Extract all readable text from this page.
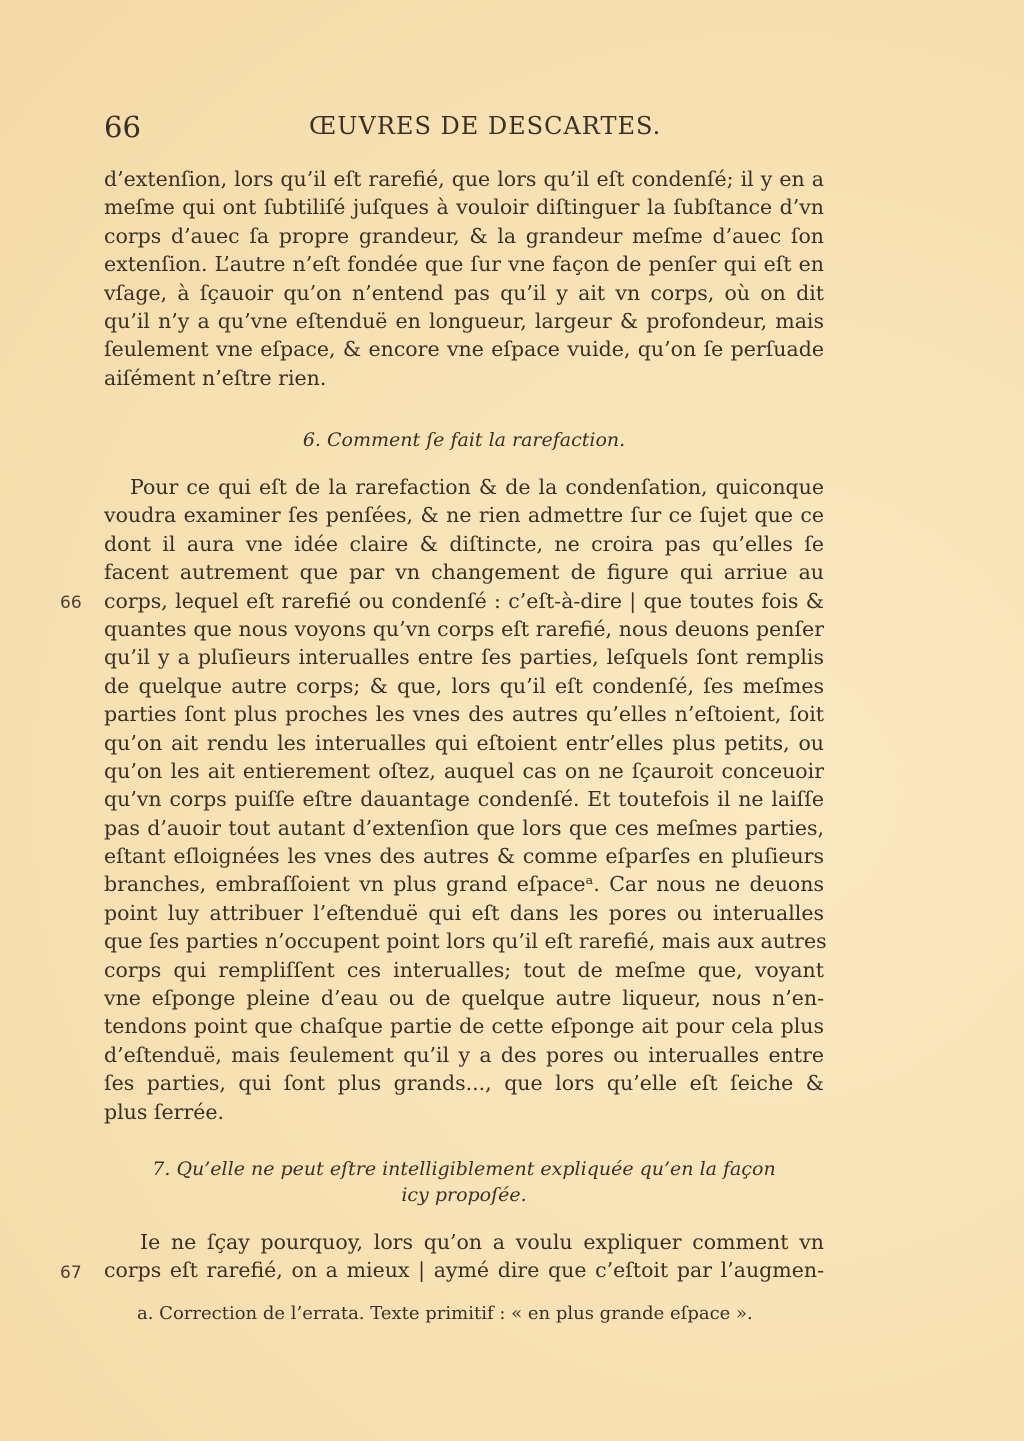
66	ŒUVRES DE DESCARTES.
d’extenſion, lors qu’il eſt rarefié, que lors qu’il eſt condenſé; il y en a
meſme qui ont ſubtiliſé juſques à vouloir diſtinguer la ſubſtance d’vn
corps d’auec ſa propre grandeur, & la grandeur meſme d’auec ſon
extenſion. L’autre n’eſt fondée que ſur vne façon de penſer qui eſt en
vſage, à ſçauoir qu’on n’entend pas qu’il y ait vn corps, où on dit
qu’il n’y a qu’vne eſtenduë en longueur, largeur & profondeur, mais
ſeulement vne eſpace, & encore vne eſpace vuide, qu’on ſe perſuade
aiſément n’eſtre rien.
6. Comment ſe fait la rarefaction.
Pour ce qui eſt de la rarefaction & de la condenſation, quiconque
voudra examiner ſes penſées, & ne rien admettre ſur ce ſujet que ce
dont il aura vne idée claire & diſtincte, ne croira pas qu’elles ſe
facent autrement que par vn changement de figure qui arriue au
corps, lequel eſt rarefié ou condenſé : c’eſt-à-dire | que toutes fois &
quantes que nous voyons qu’vn corps eſt rarefié, nous deuons penſer
qu’il y a pluſieurs interualles entre ſes parties, leſquels ſont remplis
de quelque autre corps; & que, lors qu’il eſt condenſé, ſes meſmes
parties ſont plus proches les vnes des autres qu’elles n’eſtoient, ſoit
qu’on ait rendu les interualles qui eſtoient entr’elles plus petits, ou
qu’on les ait entierement oſtez, auquel cas on ne ſçauroit conceuoir
qu’vn corps puiſſe eſtre dauantage condenſé. Et toutefois il ne laiſſe
pas d’auoir tout autant d’extenſion que lors que ces meſmes parties,
eſtant eſloignées les vnes des autres & comme eſparſes en pluſieurs
branches, embraſſoient vn plus grand eſpaceᵃ. Car nous ne deuons
point luy attribuer l’eſtenduë qui eſt dans les pores ou interualles
que ſes parties n’occupent point lors qu’il eſt rarefié, mais aux autres
corps qui rempliſſent ces interualles; tout de meſme que, voyant
vne eſponge pleine d’eau ou de quelque autre liqueur, nous n’en-
tendons point que chaſque partie de cette eſponge ait pour cela plus
d’eſtenduë, mais ſeulement qu’il y a des pores ou interualles entre
ſes parties, qui ſont plus grands..., que lors qu’elle eſt ſeiche &
plus ſerrée.
7. Qu’elle ne peut eſtre intelligiblement expliquée qu’en la façon
icy propoſée.
Ie ne ſçay pourquoy, lors qu’on a voulu expliquer comment vn
corps eſt rarefié, on a mieux | aymé dire que c’eſtoit par l’augmen-
66
67
a. Correction de l’errata. Texte primitif : « en plus grande eſpace ».
